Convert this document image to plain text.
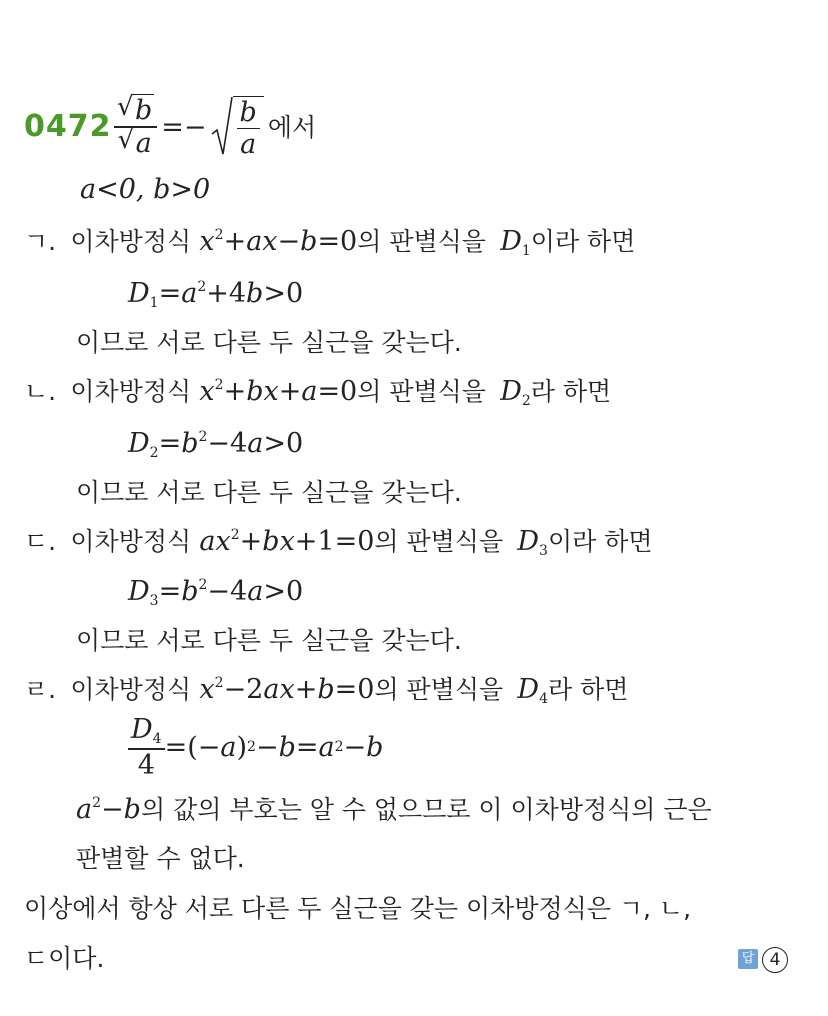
0472
√ b
√ $a =- \frac{b}{a}$ 에서
a<0, b>0
ㄱ. 이차방정식 $x^2+ax-b=0$의 판별식을 $D_1$이라 하면
$D_1=a^2+4b>0$
이므로 서로 다른 두 실근을 갖는다.
ㄴ. 이차방정식 $x^2+bx+a=0$의 판별식을 $D_2$라 하면
$D_2=b^2-4a>0$
이므로 서로 다른 두 실근을 갖는다.
ㄷ. 이차방정식 $ax^2+bx+1=0$의 판별식을 $D_3$이라 하면
$D_3=b^2-4a>0$
이므로 서로 다른 두 실근을 갖는다.
ㄹ. 이차방정식 $x^2-2ax+b=0$의 판별식을 $D_4$라 하면
$\frac{D_4}{4}$ =(− a ) 2 − b = a 2 − b
$a^2-b$의 값의 부호는 알 수 없으므로 이 이차방정식의 근은
판별할 수 없다.
이상에서 항상 서로 다른 두 실근을 갖는 이차방정식은 ㄱ, ㄴ,
ㄷ이다.	답 4
